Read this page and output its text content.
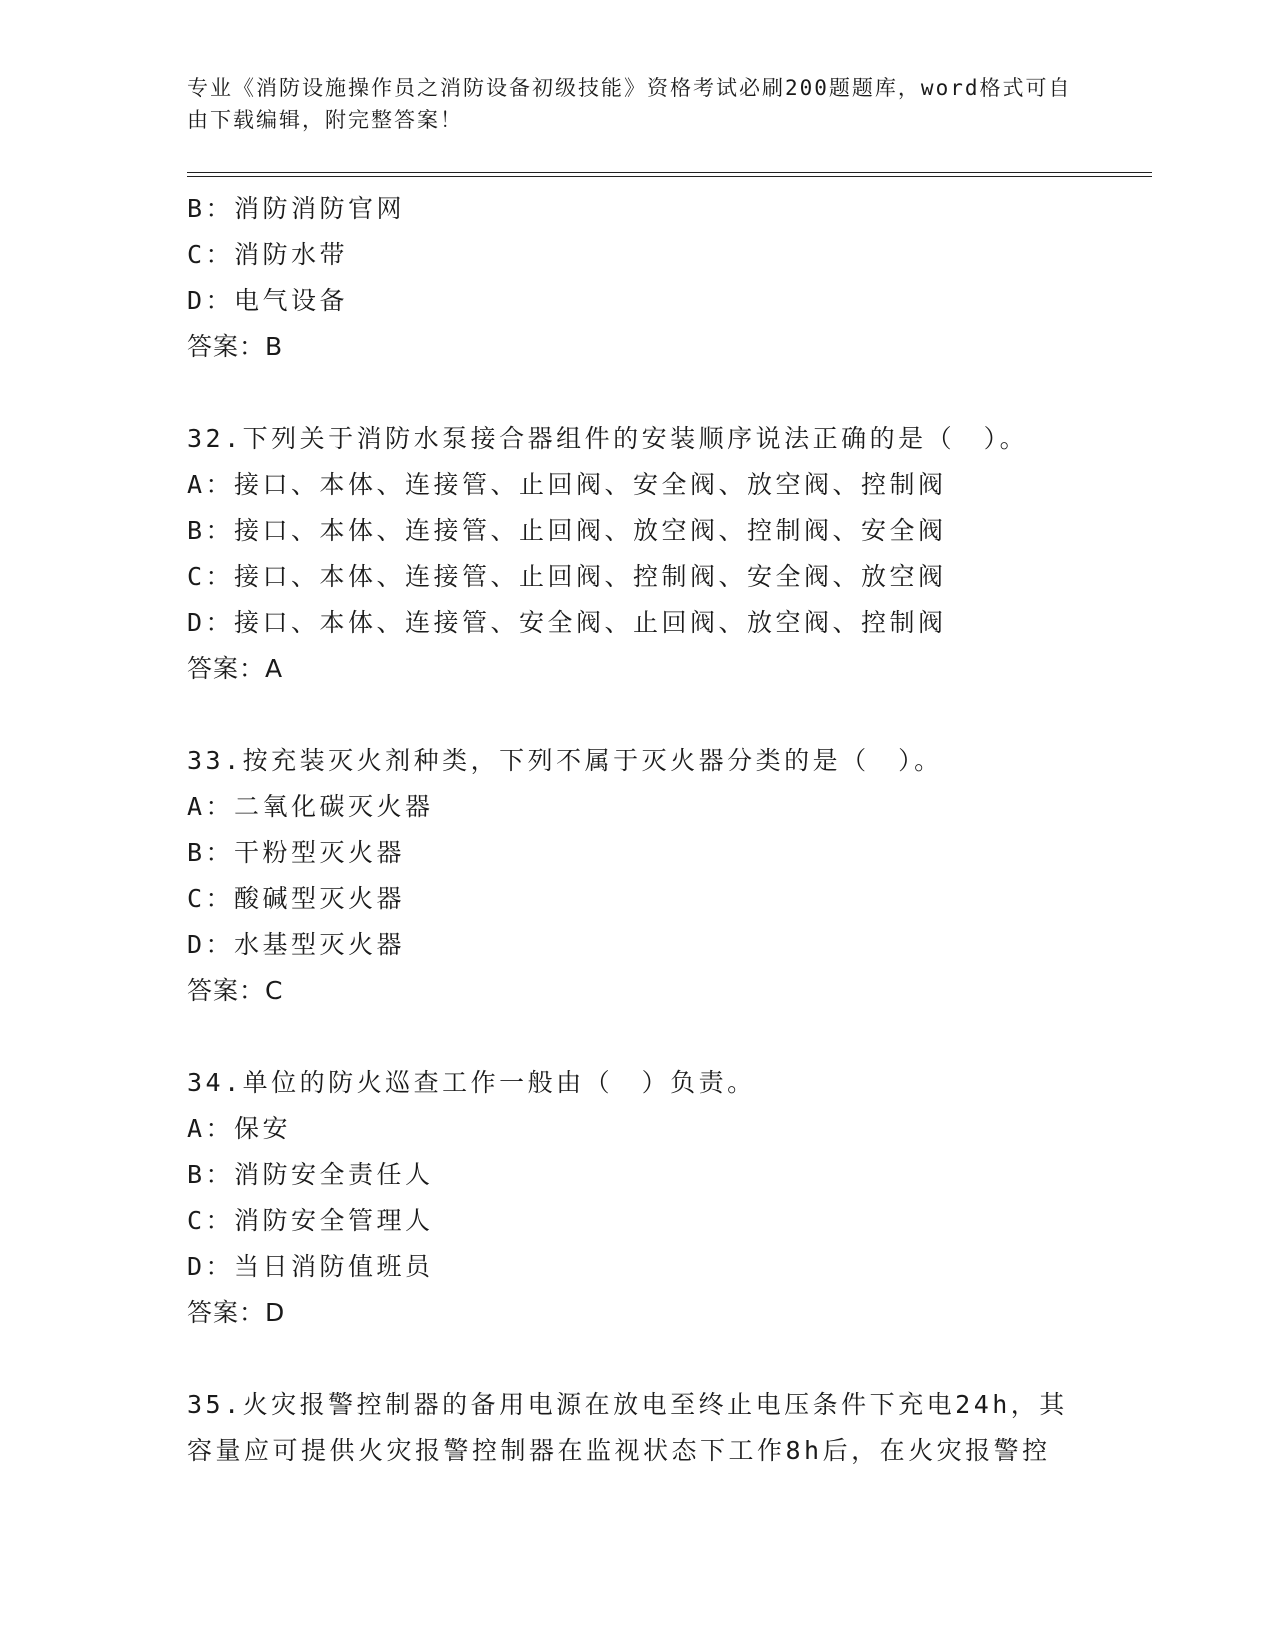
专业《消防设施操作员之消防设备初级技能》资格考试必刷200题题库，word格式可自由下载编辑，附完整答案！
B：消防消防官网
C：消防水带
D：电气设备
答案：B
32.下列关于消防水泵接合器组件的安装顺序说法正确的是（　）。
A：接口、本体、连接管、止回阀、安全阀、放空阀、控制阀
B：接口、本体、连接管、止回阀、放空阀、控制阀、安全阀
C：接口、本体、连接管、止回阀、控制阀、安全阀、放空阀
D：接口、本体、连接管、安全阀、止回阀、放空阀、控制阀
答案：A
33.按充装灭火剂种类，下列不属于灭火器分类的是（　）。
A：二氧化碳灭火器
B：干粉型灭火器
C：酸碱型灭火器
D：水基型灭火器
答案：C
34.单位的防火巡查工作一般由（　）负责。
A：保安
B：消防安全责任人
C：消防安全管理人
D：当日消防值班员
答案：D
35.火灾报警控制器的备用电源在放电至终止电压条件下充电24h，其容量应可提供火灾报警控制器在监视状态下工作8h后，在火灾报警控
